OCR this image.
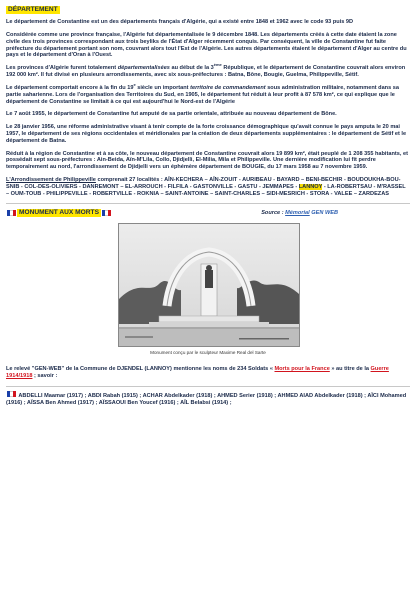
DÉPARTEMENT

Le département de Constantine est un des départements français d'Algérie, qui a existé entre 1848 et 1962 avec le code 93 puis 9D

Considérée comme une province française, l'Algérie fut départementalisée le 9 décembre 1848. Les départements créés à cette date étaient la zone civile des trois provinces correspondant aux trois beyliks de l'État d'Alger récemment conquis. Par conséquent, la ville de Constantine fut faite préfecture du département portant son nom, couvrant alors tout l'Est de l'Algérie. Les autres départements étaient le département d'Alger au centre du pays et le département d'Oran à l'Ouest.

Les provinces d'Algérie furent totalement départementalisées au début de la 3ème République, et le département de Constantine couvrait alors environ 192 000 km². Il fut divisé en plusieurs arrondissements, avec six sous-préfectures : Batna, Bône, Bougie, Guelma, Philippeville, Sétif.

Le département comportait encore à la fin du 19e siècle un important territoire de commandement sous administration militaire, notamment dans sa partie saharienne. Lors de l'organisation des Territoires du Sud, en 1905, le département fut réduit à leur profit à 87 578 km², ce qui explique que le département de Constantine se limitait à ce qui est aujourd'hui le Nord-est de l'Algérie

Le 7 août 1955, le département de Constantine fut amputé de sa partie orientale, attribuée au nouveau département de Bône.

Le 28 janvier 1956, une réforme administrative visant à tenir compte de la forte croissance démographique qu'avait connue le pays amputa le 20 mai 1957, le département de ses régions occidentales et méridionales par la création de deux départements supplémentaires : le département de Sétif et le département de Batna.

Réduit à la région de Constantine et à sa côte, le nouveau département de Constantine couvrait alors 19 899 km², était peuplé de 1 208 355 habitants, et possédait sept sous-préfectures : Ain-Beida, Aïn-M'Lila, Collo, Djidjelli, El-Milia, Mila et Philippeville. Une dernière modification lui fit perdre temporairement au nord, l'arrondissement de Djidjelli vers un éphémère département de BOUGIE, du 17 mars 1958 au 7 novembre 1959.

L'Arrondissement de Philippeville comprenait 27 localités : AÏN-KECHERA – AÏN-ZOUIT - AURIBEAU - BAYARD – BENI-BECHIR - BOUDOUKHA-BOU-SNIB - COL-DES-OLIVIERS - DANREMONT – EL-ARROUCH - FILFILA - GASTONVILLE - GASTU - JEMMAPES - LANNOY - LA-ROBERTSAU - M'RASSEL – OUM-TOUB - PHILIPPEVILLE - ROBERTVILLE - ROKNIA – SAINT-ANTOINE – SAINT-CHARLES – SIDI-MESRICH - STORA - VALEE – ZARDEZAS

MONUMENT AUX MORTS	Source : Mémorial GEN WEB
Monument conçu par le sculpteur Maxime Real del Sarte

Le relevé "GEN-WEB" de la Commune de DJENDEL (LANNOY) mentionne les noms de 234 Soldats « Morts pour la France » au titre de la Guerre 1914/1918 ; savoir :

ABDELLI Maamar (1917) ; ABDI Rabah (1915) ; ACHAR Abdelkader (1918) ; AHMED Serier (1918) ; AHMED AIAD Abdelkader (1918) ; AÏCI Mohamed (1916) ; AÏSSA Ben Ahmed (1917) ; AÏSSAOUI Ben Youcef (1916) ; AÏL Belabsi (1914) ;
